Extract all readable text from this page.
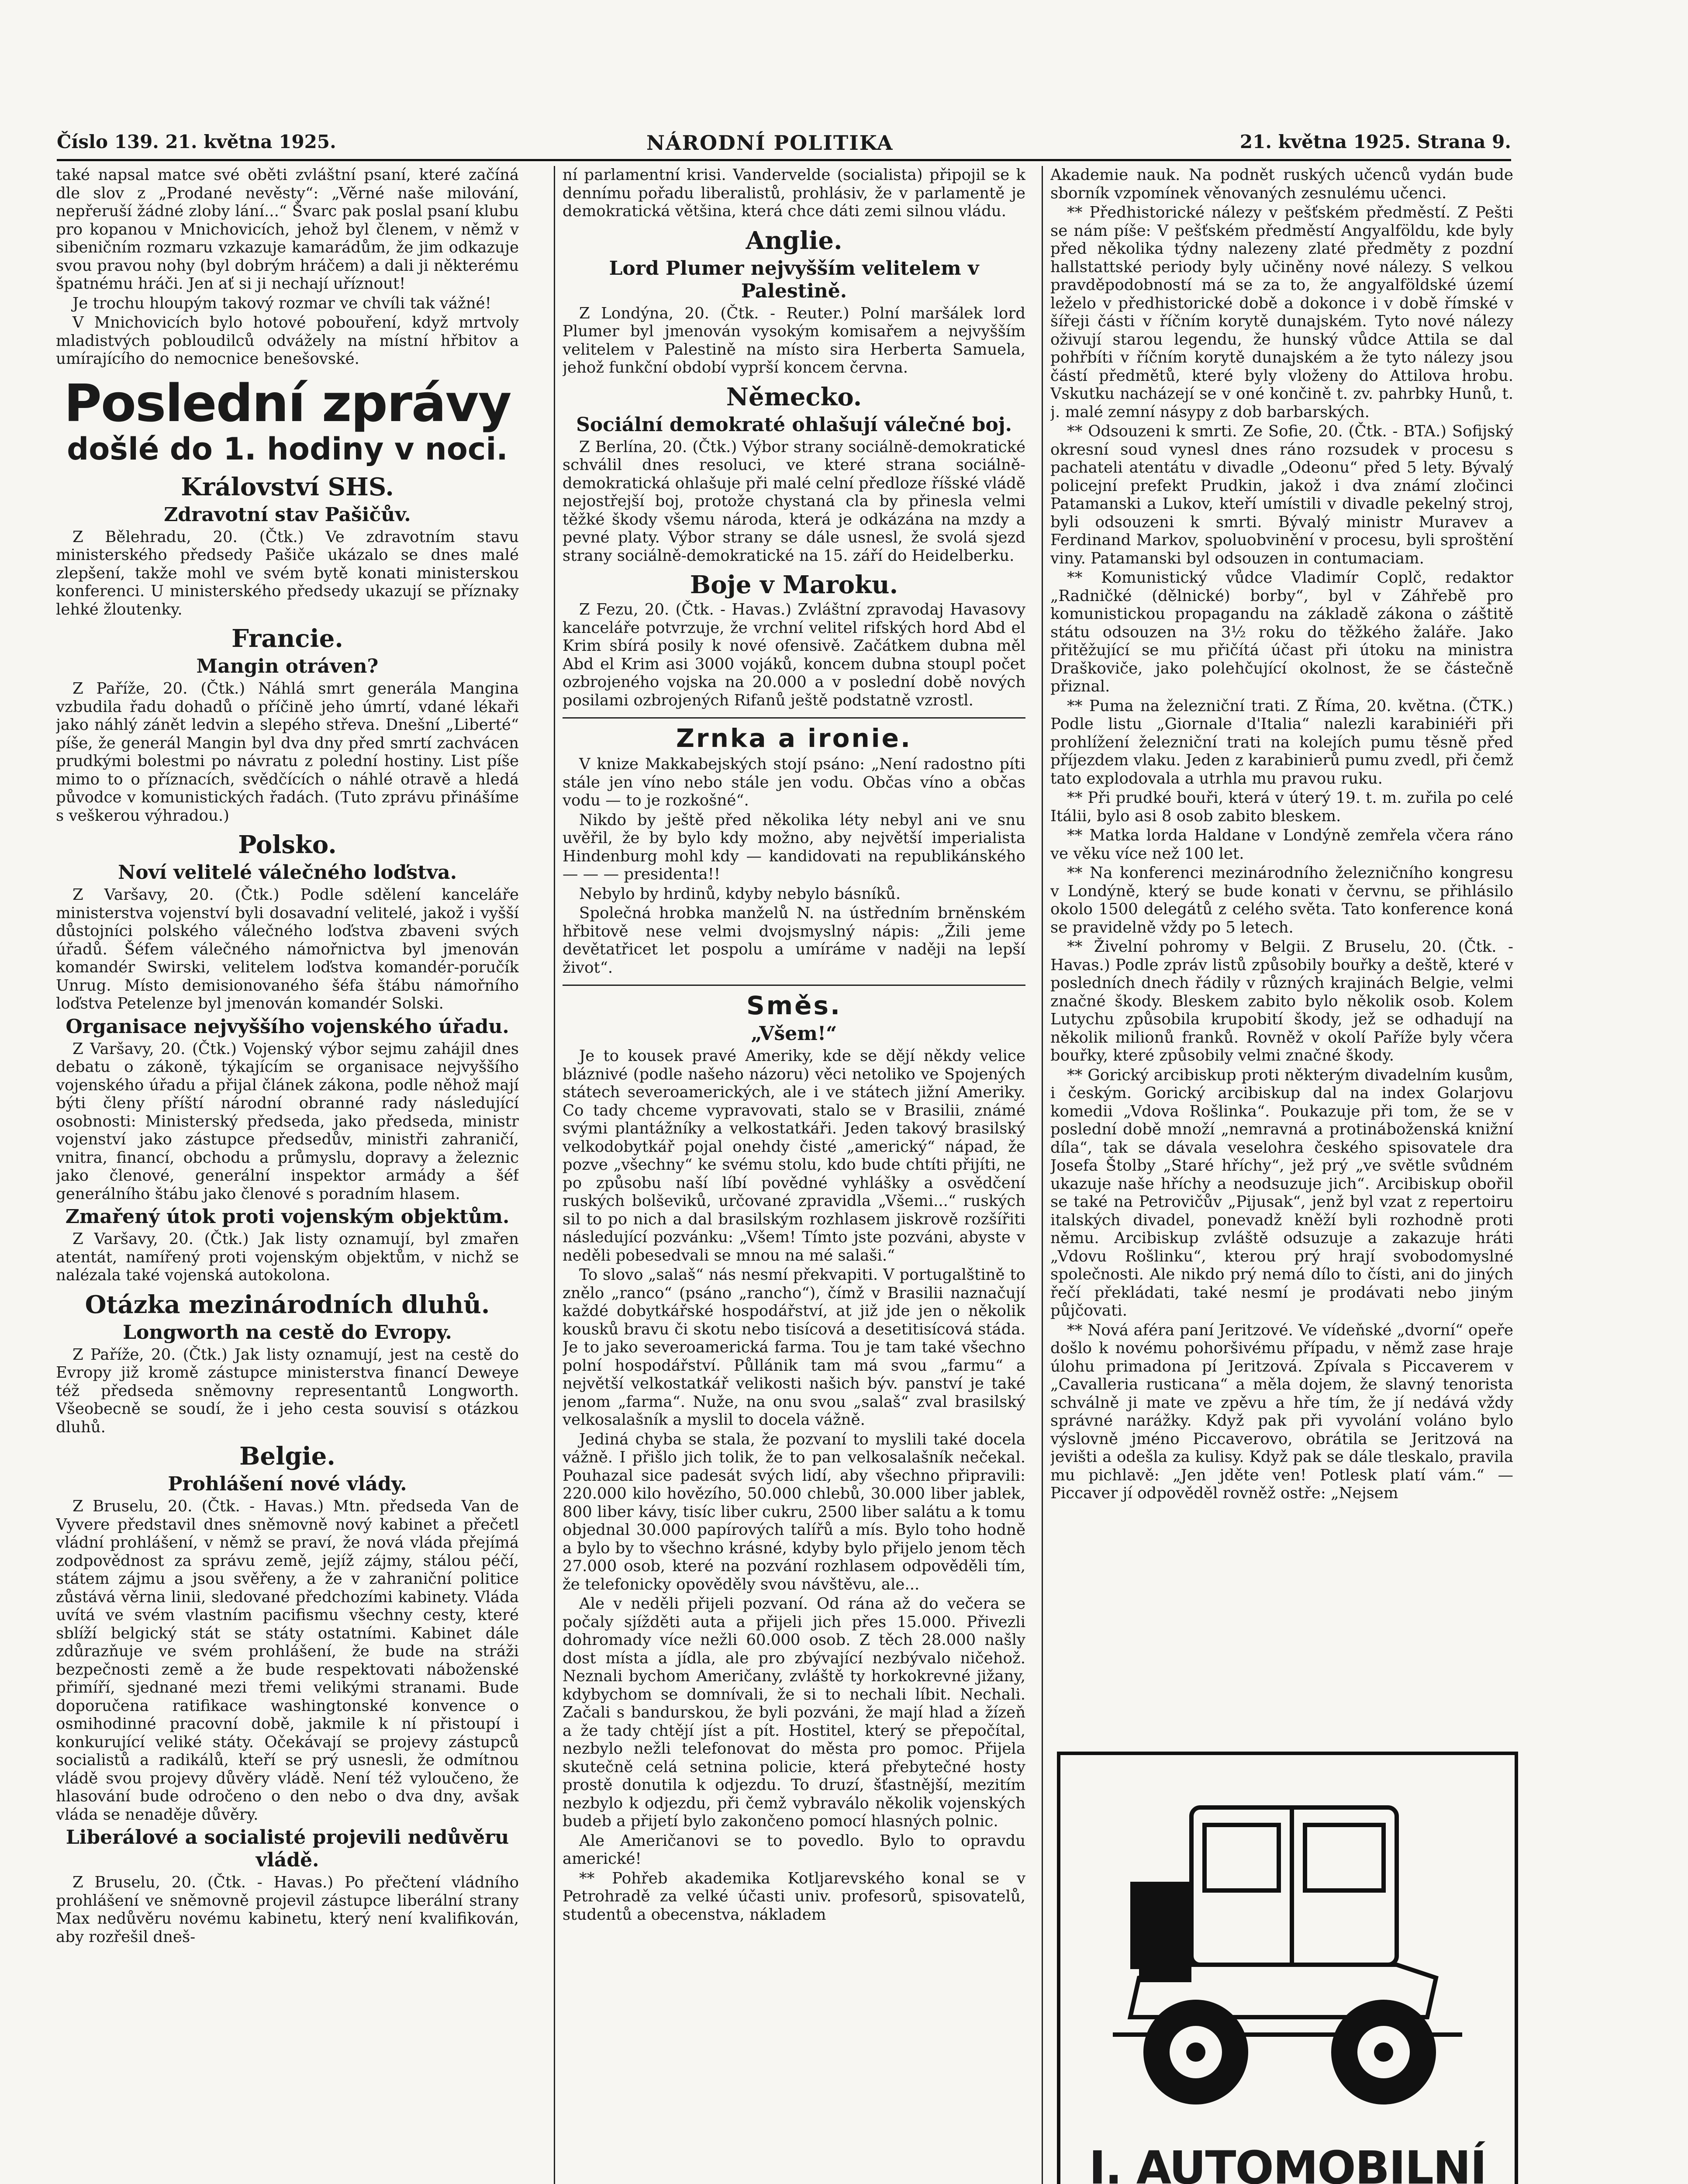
Číslo 139. 21. května 1925.	NÁRODNÍ POLITIKA	21. května 1925. Strana 9.

také napsal matce své oběti zvláštní psaní, které začíná dle slov z „Prodané nevěsty“: „Věrné naše milování, nepřeruší žádné zloby lání...“ Švarc pak poslal psaní klubu pro kopanou v Mnichovicích, jehož byl členem, v němž v sibeničním rozmaru vzkazuje kamarádům, že jim odkazuje svou pravou nohy (byl dobrým hráčem) a dali ji některému špatnému hráči. Jen ať si ji nechají uříznout!

Je trochu hloupým takový rozmar ve chvíli tak vážné!

V Mnichovicích bylo hotové pobouření, když mrtvoly mladistvých pobloudilců odvážely na místní hřbitov a umírajícího do nemocnice benešovské.

Poslední zprávy
došlé do 1. hodiny v noci.
Království SHS.
Zdravotní stav Pašičův.

Z Bělehradu, 20. (Čtk.) Ve zdravotním stavu ministerského předsedy Pašiče ukázalo se dnes malé zlepšení, takže mohl ve svém bytě konati ministerskou konferenci. U ministerského předsedy ukazují se příznaky lehké žloutenky.

Francie.
Mangin otráven?

Z Paříže, 20. (Čtk.) Náhlá smrt generála Mangina vzbudila řadu dohadů o příčině jeho úmrtí, vdané lékaři jako náhlý zánět ledvin a slepého střeva. Dnešní „Liberté“ píše, že generál Mangin byl dva dny před smrtí zachvácen prudkými bolestmi po návratu z polední hostiny. List píše mimo to o příznacích, svědčících o náhlé otravě a hledá původce v komunistických řadách. (Tuto zprávu přinášíme s veškerou výhradou.)

Polsko.
Noví velitelé válečného loďstva.

Z Varšavy, 20. (Čtk.) Podle sdělení kanceláře ministerstva vojenství byli dosavadní velitelé, jakož i vyšší důstojníci polského válečného loďstva zbaveni svých úřadů. Šéfem válečného námořnictva byl jmenován komandér Swirski, velitelem loďstva komandér-poručík Unrug. Místo demisionovaného šéfa štábu námořního loďstva Petelenze byl jmenován komandér Solski.

Organisace nejvyššího vojenského úřadu.

Z Varšavy, 20. (Čtk.) Vojenský výbor sejmu zahájil dnes debatu o zákoně, týkajícím se organisace nejvyššího vojenského úřadu a přijal článek zákona, podle něhož mají býti členy příští národní obranné rady následující osobnosti: Ministerský předseda, jako předseda, ministr vojenství jako zástupce předsedův, ministři zahraničí, vnitra, financí, obchodu a průmyslu, dopravy a železnic jako členové, generální inspektor armády a šéf generálního štábu jako členové s poradním hlasem.

Zmařený útok proti vojenským objektům.

Z Varšavy, 20. (Čtk.) Jak listy oznamují, byl zmařen atentát, namířený proti vojenským objektům, v nichž se nalézala také vojenská autokolona.

Otázka mezinárodních dluhů.
Longworth na cestě do Evropy.

Z Paříže, 20. (Čtk.) Jak listy oznamují, jest na cestě do Evropy již kromě zástupce ministerstva financí Deweye též předseda sněmovny representantů Longworth. Všeobecně se soudí, že i jeho cesta souvisí s otázkou dluhů.

Belgie.
Prohlášení nové vlády.

Z Bruselu, 20. (Čtk. - Havas.) Mtn. předseda Van de Vyvere představil dnes sněmovně nový kabinet a přečetl vládní prohlášení, v němž se praví, že nová vláda přejímá zodpovědnost za správu země, jejíž zájmy, stálou péčí, státem zájmu a jsou svěřeny, a že v zahraniční politice zůstává věrna linii, sledované předchozími kabinety. Vláda uvítá ve svém vlastním pacifismu všechny cesty, které sblíží belgický stát se státy ostatními. Kabinet dále zdůrazňuje ve svém prohlášení, že bude na stráži bezpečnosti země a že bude respektovati náboženské přimíří, sjednané mezi třemi velikými stranami. Bude doporučena ratifikace washingtonské konvence o osmihodinné pracovní době, jakmile k ní přistoupí i konkurující veliké státy. Očekávají se projevy zástupců socialistů a radikálů, kteří se prý usnesli, že odmítnou vládě svou projevy důvěry vládě. Není též vyloučeno, že hlasování bude odročeno o den nebo o dva dny, avšak vláda se nenaděje důvěry.

Liberálové a socialisté projevili nedůvěru vládě.

Z Bruselu, 20. (Čtk. - Havas.) Po přečtení vládního prohlášení ve sněmovně projevil zástupce liberální strany Max nedůvěru novému kabinetu, který není kvalifikován, aby rozřešil dneš-

ní parlamentní krisi. Vandervelde (socialista) připojil se k dennímu pořadu liberalistů, prohlásiv, že v parlamentě je demokratická většina, která chce dáti zemi silnou vládu.

Anglie.
Lord Plumer nejvyšším velitelem v Palestině.

Z Londýna, 20. (Čtk. - Reuter.) Polní maršálek lord Plumer byl jmenován vysokým komisařem a nejvyšším velitelem v Palestině na místo sira Herberta Samuela, jehož funkční období vyprší koncem června.

Německo.
Sociální demokraté ohlašují válečné boj.

Z Berlína, 20. (Čtk.) Výbor strany sociálně-demokratické schválil dnes resoluci, ve které strana sociálně-demokratická ohlašuje při malé celní předloze říšské vládě nejostřejší boj, protože chystaná cla by přinesla velmi těžké škody všemu národa, která je odkázána na mzdy a pevné platy. Výbor strany se dále usnesl, že svolá sjezd strany sociálně-demokratické na 15. září do Heidelberku.

Boje v Maroku.

Z Fezu, 20. (Čtk. - Havas.) Zvláštní zpravodaj Havasovy kanceláře potvrzuje, že vrchní velitel rifských hord Abd el Krim sbírá posily k nové ofensivě. Začátkem dubna měl Abd el Krim asi 3000 vojáků, koncem dubna stoupl počet ozbrojeného vojska na 20.000 a v poslední době nových posilami ozbrojených Rifanů ještě podstatně vzrostl.

Zrnka a ironie.

V knize Makkabejských stojí psáno: „Není radostno píti stále jen víno nebo stále jen vodu. Občas víno a občas vodu — to je rozkošné“.

Nikdo by ještě před několika léty nebyl ani ve snu uvěřil, že by bylo kdy možno, aby největší imperialista Hindenburg mohl kdy — kandidovati na republikánského — — — presidenta!!

Nebylo by hrdinů, kdyby nebylo básníků.

Společná hrobka manželů N. na ústředním brněnském hřbitově nese velmi dvojsmyslný nápis: „Žili jeme devětatřicet let pospolu a umíráme v naději na lepší život“.

Směs.
„Všem!“

Je to kousek pravé Ameriky, kde se dějí někdy velice bláznivé (podle našeho názoru) věci netoliko ve Spojených státech severoamerických, ale i ve státech jižní Ameriky. Co tady chceme vypravovati, stalo se v Brasilii, známé svými plantážníky a velkostatkáři. Jeden takový brasilský velkodobytkář pojal onehdy čisté „americký“ nápad, že pozve „všechny“ ke svému stolu, kdo bude chtíti přijíti, ne po způsobu naší líbí povědné vyhlášky a osvědčení ruských bolševiků, určované zpravidla „Všemi...“ ruských sil to po nich a dal brasilským rozhlasem jiskrově rozšířiti následující pozvánku: „Všem! Tímto jste pozváni, abyste v neděli pobesedvali se mnou na mé salaši.“

To slovo „salaš“ nás nesmí překvapiti. V portugalštině to znělo „ranco“ (psáno „rancho“), čímž v Brasilii naznačují každé dobytkářské hospodářství, at již jde jen o několik kousků bravu či skotu nebo tisícová a desetitisícová stáda. Je to jako severoamerická farma. Tou je tam také všechno polní hospodářství. Půllánik tam má svou „farmu“ a největší velkostatkář velikosti našich býv. panství je také jenom „farma“. Nuže, na onu svou „salaš“ zval brasilský velkosalašník a myslil to docela vážně.

Jediná chyba se stala, že pozvaní to myslili také docela vážně. I přišlo jich tolik, že to pan velkosalašník nečekal. Pouhazal sice padesát svých lidí, aby všechno připravili: 220.000 kilo hovězího, 50.000 chlebů, 30.000 liber jablek, 800 liber kávy, tisíc liber cukru, 2500 liber salátu a k tomu objednal 30.000 papírových talířů a mís. Bylo toho hodně a bylo by to všechno krásné, kdyby bylo přijelo jenom těch 27.000 osob, které na pozvání rozhlasem odpověděli tím, že telefonicky opověděly svou návštěvu, ale...

Ale v neděli přijeli pozvaní. Od rána až do večera se počaly sjížděti auta a přijeli jich přes 15.000. Přivezli dohromady více nežli 60.000 osob. Z těch 28.000 našly dost místa a jídla, ale pro zbývající nezbývalo ničehož. Neznali bychom Američany, zvláště ty horkokrevné jižany, kdybychom se domnívali, že si to nechali líbit. Nechali. Začali s bandurskou, že byli pozváni, že mají hlad a žízeň a že tady chtějí jíst a pít. Hostitel, který se přepočítal, nezbylo nežli telefonovat do města pro pomoc. Přijela skutečně celá setnina policie, která přebytečné hosty prostě donutila k odjezdu. To druzí, šťastnější, mezitím nezbylo k odjezdu, při čemž vybraválo několik vojenských budeb a přijetí bylo zakončeno pomocí hlasných polnic.

Ale Američanovi se to povedlo. Bylo to opravdu americké!

** Pohřeb akademika Kotljarevského konal se v Petrohradě za velké účasti univ. profesorů, spisovatelů, studentů a obecenstva, nákladem

Akademie nauk. Na podnět ruských učenců vydán bude sborník vzpomínek věnovaných zesnulému učenci.

** Předhistorické nálezy v pešťském předměstí. Z Pešti se nám píše: V pešťském předměstí Angyalföldu, kde byly před několika týdny nalezeny zlaté předměty z pozdní hallstattské periody byly učiněny nové nálezy. S velkou pravděpodobností má se za to, že angyalföldské území leželo v předhistorické době a dokonce i v době římské v šířeji části v říčním korytě dunajském. Tyto nové nálezy oživují starou legendu, že hunský vůdce Attila se dal pohřbíti v říčním korytě dunajském a že tyto nálezy jsou částí předmětů, které byly vloženy do Attilova hrobu. Vskutku nacházejí se v oné končině t. zv. pahrbky Hunů, t. j. malé zemní násypy z dob barbarských.

** Odsouzeni k smrti. Ze Sofie, 20. (Čtk. - BTA.) Sofijský okresní soud vynesl dnes ráno rozsudek v procesu s pachateli atentátu v divadle „Odeonu“ před 5 lety. Bývalý policejní prefekt Prudkin, jakož i dva známí zločinci Patamanski a Lukov, kteří umístili v divadle pekelný stroj, byli odsouzeni k smrti. Bývalý ministr Muravev a Ferdinand Markov, spoluobvinění v procesu, byli sproštění viny. Patamanski byl odsouzen in contumaciam.

** Komunistický vůdce Vladimír Coplč, redaktor „Radničké (dělnické) borby“, byl v Záhřebě pro komunistickou propagandu na základě zákona o záštitě státu odsouzen na 3½ roku do těžkého žaláře. Jako přitěžující se mu přičítá účast při útoku na ministra Draškoviče, jako polehčující okolnost, že se částečně přiznal.

** Puma na železniční trati. Z Říma, 20. května. (ČTK.) Podle listu „Giornale d'Italia“ nalezli karabiniéři při prohlížení železniční trati na kolejích pumu těsně před příjezdem vlaku. Jeden z karabinierů pumu zvedl, při čemž tato explodovala a utrhla mu pravou ruku.

** Při prudké bouři, která v úterý 19. t. m. zuřila po celé Itálii, bylo asi 8 osob zabito bleskem.

** Matka lorda Haldane v Londýně zemřela včera ráno ve věku více než 100 let.

** Na konferenci mezinárodního železničního kongresu v Londýně, který se bude konati v červnu, se přihlásilo okolo 1500 delegátů z celého světa. Tato konference koná se pravidelně vždy po 5 letech.

** Živelní pohromy v Belgii. Z Bruselu, 20. (Čtk. - Havas.) Podle zpráv listů způsobily bouřky a deště, které v posledních dnech řádily v různých krajinách Belgie, velmi značné škody. Bleskem zabito bylo několik osob. Kolem Lutychu způsobila krupobití škody, jež se odhadují na několik milionů franků. Rovněž v okolí Paříže byly včera bouřky, které způsobily velmi značné škody.

** Gorický arcibiskup proti některým divadelním kusům, i českým. Gorický arcibiskup dal na index Golarjovu komedii „Vdova Rošlinka“. Poukazuje při tom, že se v poslední době množí „nemravná a protináboženská knižní díla“, tak se dávala veselohra českého spisovatele dra Josefa Štolby „Staré hříchy“, jež prý „ve světle svůdném ukazuje naše hříchy a neodsuzuje jich“. Arcibiskup obořil se také na Petrovičův „Pijusak“, jenž byl vzat z repertoiru italských divadel, ponevadž kněží byli rozhodně proti němu. Arcibiskup zvláště odsuzuje a zakazuje hráti „Vdovu Rošlinku“, kterou prý hrají svobodomyslné společnosti. Ale nikdo prý nemá dílo to čísti, ani do jiných řečí překládati, také nesmí je prodávati nebo jiným půjčovati.

** Nová aféra paní Jeritzové. Ve vídeňské „dvorní“ opeře došlo k novému pohoršivému případu, v němž zase hraje úlohu primadona pí Jeritzová. Zpívala s Piccaverem v „Cavalleria rusticana“ a měla dojem, že slavný tenorista schválně ji mate ve zpěvu a hře tím, že jí nedává vždy správné narážky. Když pak při vyvolání voláno bylo výslovně jméno Piccaverovo, obrátila se Jeritzová na jevišti a odešla za kulisy. Když pak se dále tleskalo, pravila mu pichlavě: „Jen jděte ven! Potlesk platí vám.“ — Piccaver jí odpověděl rovněž ostře: „Nejsem

I. AUTOMOBILNÍ
